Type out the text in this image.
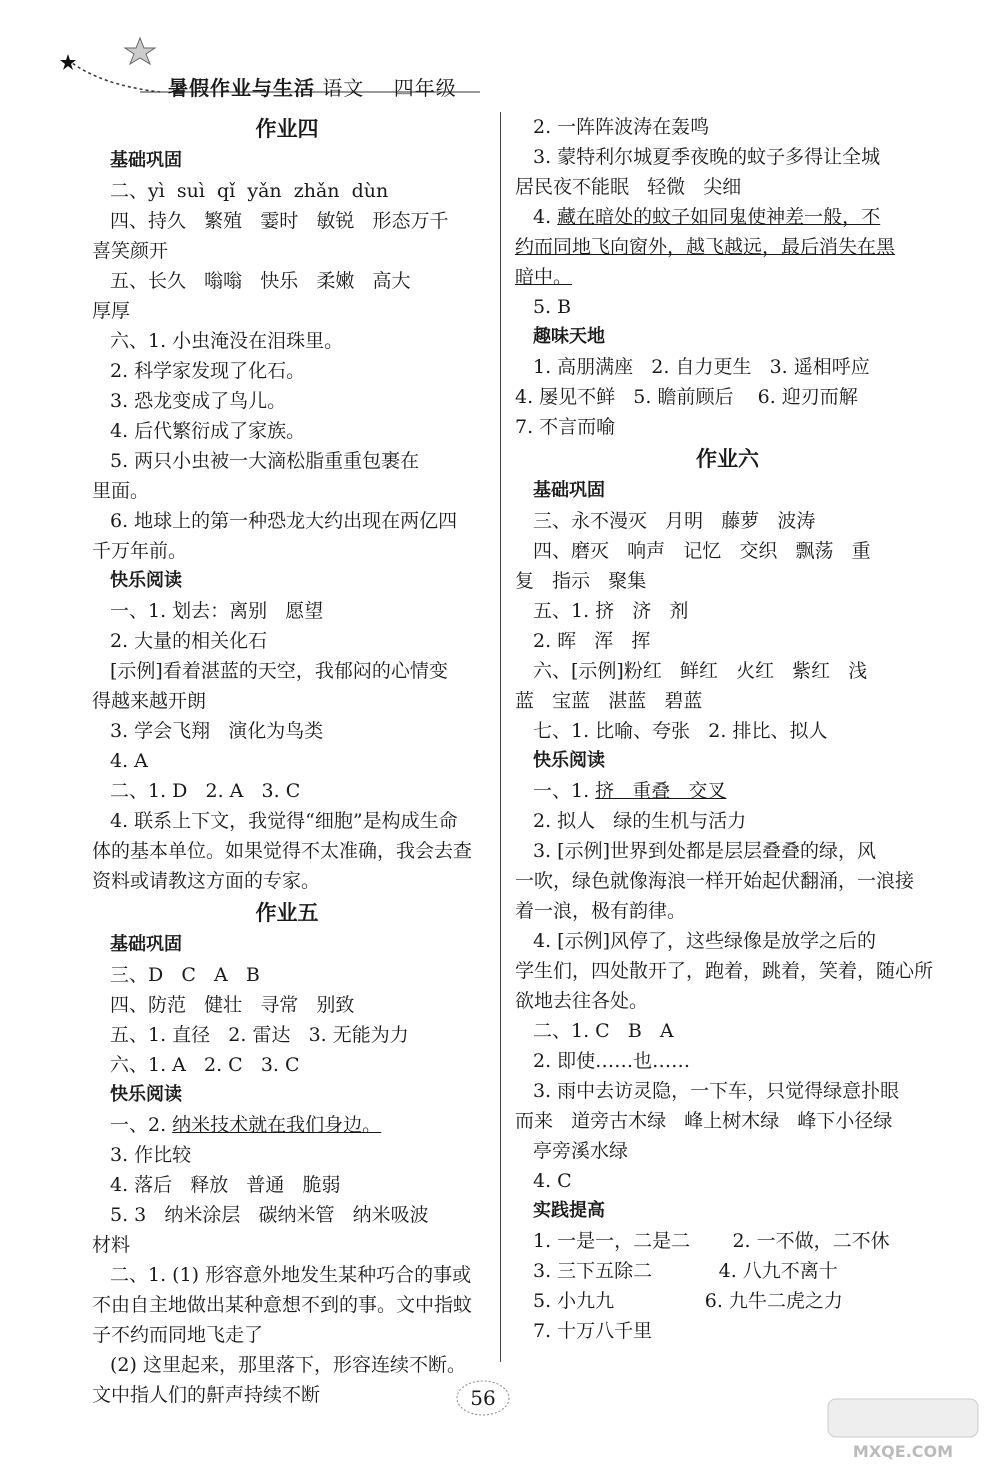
暑假作业与生活 语文 四年级
作业四
基础巩固
二、yì  suì  qǐ  yǎn  zhǎn  dùn
四、持久   繁殖   霎时   敏锐   形态万千
喜笑颜开
五、长久   嗡嗡   快乐   柔嫩   高大
厚厚
六、1. 小虫淹没在泪珠里。
2. 科学家发现了化石。
3. 恐龙变成了鸟儿。
4. 后代繁衍成了家族。
5. 两只小虫被一大滴松脂重重包裹在
里面。
6. 地球上的第一种恐龙大约出现在两亿四
千万年前。
快乐阅读
一、1. 划去：离别   愿望
2. 大量的相关化石
[示例]看着湛蓝的天空，我郁闷的心情变
得越来越开朗
3. 学会飞翔   演化为鸟类
4. A
二、1. D   2. A   3. C
4. 联系上下文，我觉得“细胞”是构成生命
体的基本单位。如果觉得不太准确，我会去查
资料或请教这方面的专家。
作业五
基础巩固
三、D   C   A   B
四、防范   健壮   寻常   别致
五、1. 直径   2. 雷达   3. 无能为力
六、1. A   2. C   3. C
快乐阅读
一、2. 纳米技术就在我们身边。
3. 作比较
4. 落后   释放   普通   脆弱
5. 3   纳米涂层   碳纳米管   纳米吸波
材料
二、1. (1) 形容意外地发生某种巧合的事或
不由自主地做出某种意想不到的事。文中指蚊
子不约而同地飞走了
(2) 这里起来，那里落下，形容连续不断。
文中指人们的鼾声持续不断
2. 一阵阵波涛在轰鸣
3. 蒙特利尔城夏季夜晚的蚊子多得让全城
居民夜不能眠   轻微   尖细
4. 藏在暗处的蚊子如同鬼使神差一般，不
约而同地飞向窗外，越飞越远，最后消失在黑
暗中。
5. B
趣味天地
1. 高朋满座   2. 自力更生   3. 遥相呼应
4. 屡见不鲜   5. 瞻前顾后    6. 迎刃而解
7. 不言而喻
作业六
基础巩固
三、永不漫灭   月明   藤萝   波涛
四、磨灭   响声   记忆   交织   飘荡   重
复   指示   聚集
五、1. 挤   济   剂
2. 晖   浑   挥
六、[示例]粉红   鲜红   火红   紫红   浅
蓝   宝蓝   湛蓝   碧蓝
七、1. 比喻、夸张   2. 排比、拟人
快乐阅读
一、1. 挤   重叠   交叉
2. 拟人   绿的生机与活力
3. [示例]世界到处都是层层叠叠的绿，风
一吹，绿色就像海浪一样开始起伏翻涌，一浪接
着一浪，极有韵律。
4. [示例]风停了，这些绿像是放学之后的
学生们，四处散开了，跑着，跳着，笑着，随心所
欲地去往各处。
二、1. C   B   A
2. 即使……也……
3. 雨中去访灵隐，一下车，只觉得绿意扑眼
而来   道旁古木绿   峰上树木绿   峰下小径绿
亭旁溪水绿
4. C
实践提高
1. 一是一，二是二       2. 一不做，二不休
3. 三下五除二           4. 八九不离十
5. 小九九               6. 九牛二虎之力
7. 十万八千里
56
MXQE.COM
